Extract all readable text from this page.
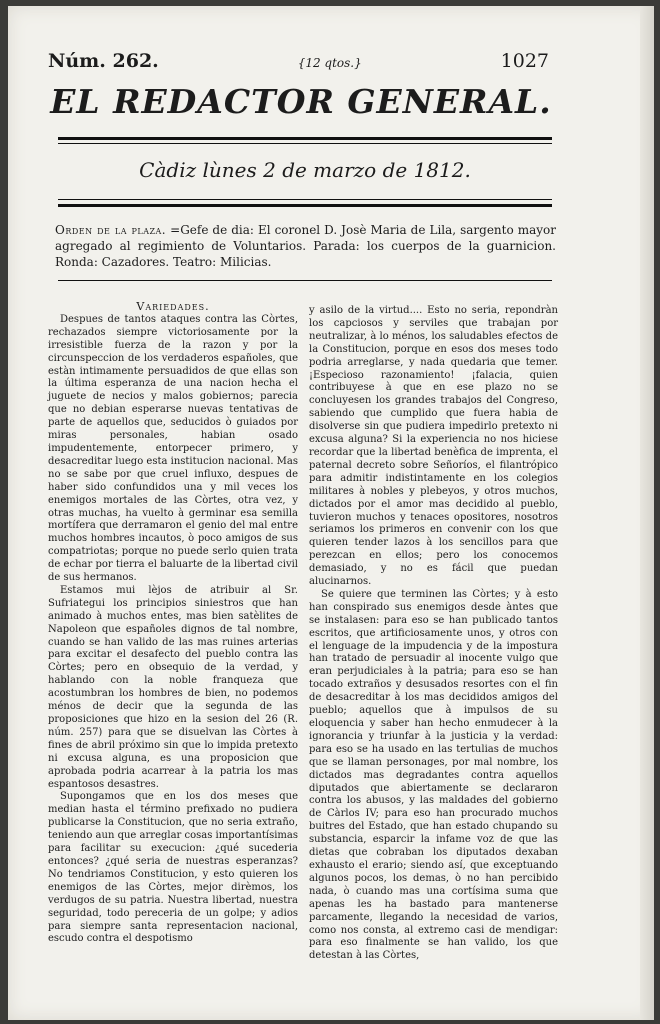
Núm. 262.	{12 qtos.}	1027
EL REDACTOR GENERAL.
Càdiz lùnes 2 de marzo de 1812.
Orden de la plaza. =Gefe de dia: El coronel D. Josè Maria de Lila, sargento mayor agregado al regimiento de Voluntarios. Parada: los cuerpos de la guarnicion. Ronda: Cazadores. Teatro: Milicias.

Variedades.

Despues de tantos ataques contra las Còrtes, rechazados siempre victoriosamente por la irresistible fuerza de la razon y por la circunspeccion de los verdaderos españoles, que estàn intimamente persuadidos de que ellas son la última esperanza de una nacion hecha el juguete de necios y malos gobiernos; parecia que no debian esperarse nuevas tentativas de parte de aquellos que, seducidos ò guiados por miras personales, habian osado impudentemente, entorpecer primero, y desacreditar luego esta institucion nacional. Mas no se sabe por que cruel influxo, despues de haber sido confundidos una y mil veces los enemigos mortales de las Còrtes, otra vez, y otras muchas, ha vuelto à germinar esa semilla mortífera que derramaron el genio del mal entre muchos hombres incautos, ò poco amigos de sus compatriotas; porque no puede serlo quien trata de echar por tierra el baluarte de la libertad civil de sus hermanos.

Estamos mui lèjos de atribuir al Sr. Sufriategui los principios siniestros que han animado à muchos entes, mas bien satèlites de Napoleon que españoles dignos de tal nombre, cuando se han valido de las mas ruines arterias para excitar el desafecto del pueblo contra las Còrtes; pero en obsequio de la verdad, y hablando con la noble franqueza que acostumbran los hombres de bien, no podemos ménos de decir que la segunda de las proposiciones que hizo en la sesion del 26 (R. núm. 257) para que se disuelvan las Còrtes à fines de abril próximo sin que lo impida pretexto ni excusa alguna, es una proposicion que aprobada podria acarrear à la patria los mas espantosos desastres.

Supongamos que en los dos meses que median hasta el término prefixado no pudiera publicarse la Constitucion, que no seria extraño, teniendo aun que arreglar cosas importantísimas para facilitar su execucion: ¿qué sucederia entonces? ¿qué seria de nuestras esperanzas? No tendriamos Constitucion, y esto quieren los enemigos de las Còrtes, mejor dirèmos, los verdugos de su patria. Nuestra libertad, nuestra seguridad, todo pereceria de un golpe; y adios para siempre santa representacion nacional, escudo contra el despotismo

y asilo de la virtud.... Esto no seria, repondràn los capciosos y serviles que trabajan por neutralizar, à lo ménos, los saludables efectos de la Constitucion, porque en esos dos meses todo podria arreglarse, y nada quedaria que temer. ¡Especioso razonamiento! ¡falacia, quien contribuyese à que en ese plazo no se concluyesen los grandes trabajos del Congreso, sabiendo que cumplido que fuera habia de disolverse sin que pudiera impedirlo pretexto ni excusa alguna? Si la experiencia no nos hiciese recordar que la libertad benèfica de imprenta, el paternal decreto sobre Señoríos, el filantrópico para admitir indistintamente en los colegios militares à nobles y plebeyos, y otros muchos, dictados por el amor mas decidido al pueblo, tuvieron muchos y tenaces opositores, nosotros seriamos los primeros en convenir con los que quieren tender lazos à los sencillos para que perezcan en ellos; pero los conocemos demasiado, y no es fácil que puedan alucinarnos.

Se quiere que terminen las Còrtes; y à esto han conspirado sus enemigos desde àntes que se instalasen: para eso se han publicado tantos escritos, que artificiosamente unos, y otros con el lenguage de la impudencia y de la impostura han tratado de persuadir al inocente vulgo que eran perjudiciales à la patria; para eso se han tocado extraños y desusados resortes con el fin de desacreditar à los mas decididos amigos del pueblo; aquellos que à impulsos de su eloquencia y saber han hecho enmudecer à la ignorancia y triunfar à la justicia y la verdad: para eso se ha usado en las tertulias de muchos que se llaman personages, por mal nombre, los dictados mas degradantes contra aquellos diputados que abiertamente se declararon contra los abusos, y las maldades del gobierno de Càrlos IV; para eso han procurado muchos buitres del Estado, que han estado chupando su substancia, esparcir la infame voz de que las dietas que cobraban los diputados dexaban exhausto el erario; siendo así, que exceptuando algunos pocos, los demas, ò no han percibido nada, ò cuando mas una cortísima suma que apenas les ha bastado para mantenerse parcamente, llegando la necesidad de varios, como nos consta, al extremo casi de mendigar: para eso finalmente se han valido, los que detestan à las Còrtes,
